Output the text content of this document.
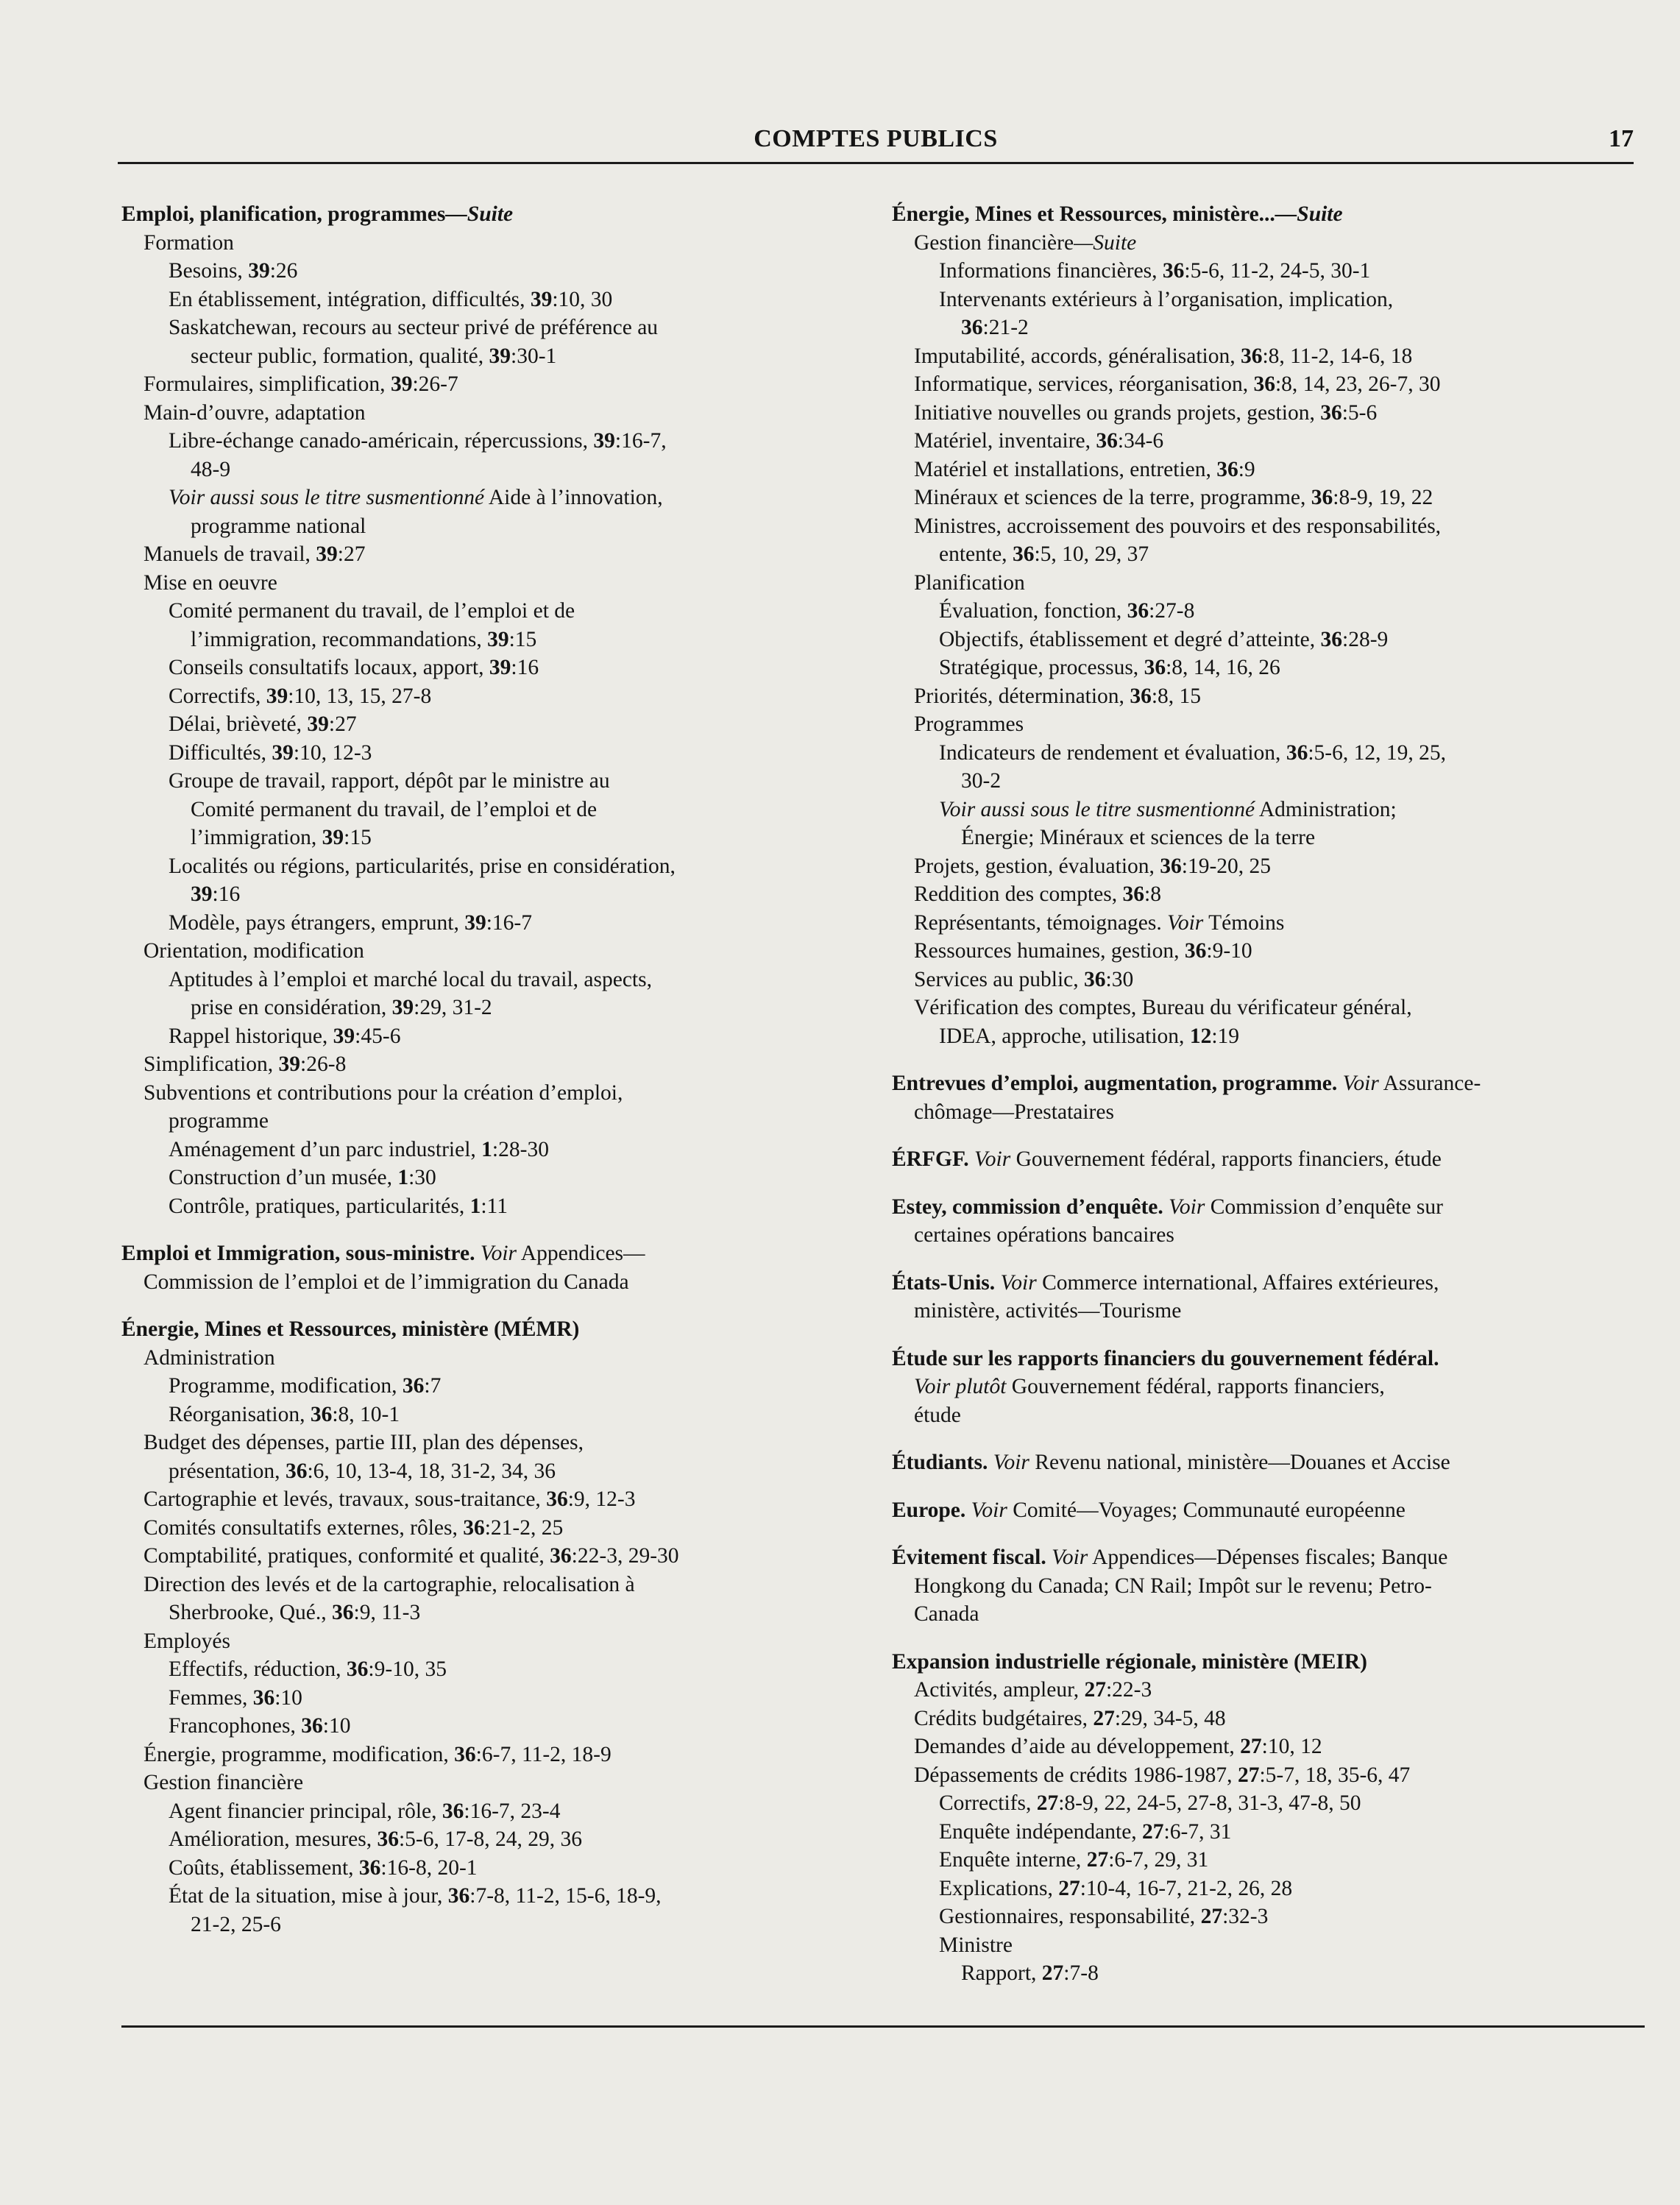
COMPTES PUBLICS	17
Emploi, planification, programmes—Suite
Formation
Besoins, 39:26
En établissement, intégration, difficultés, 39:10, 30
Saskatchewan, recours au secteur privé de préférence au
secteur public, formation, qualité, 39:30-1
Formulaires, simplification, 39:26-7
Main-d’ouvre, adaptation
Libre-échange canado-américain, répercussions, 39:16-7,
48-9
Voir aussi sous le titre susmentionné Aide à l’innovation,
programme national
Manuels de travail, 39:27
Mise en oeuvre
Comité permanent du travail, de l’emploi et de
l’immigration, recommandations, 39:15
Conseils consultatifs locaux, apport, 39:16
Correctifs, 39:10, 13, 15, 27-8
Délai, brièveté, 39:27
Difficultés, 39:10, 12-3
Groupe de travail, rapport, dépôt par le ministre au
Comité permanent du travail, de l’emploi et de
l’immigration, 39:15
Localités ou régions, particularités, prise en considération,
39:16
Modèle, pays étrangers, emprunt, 39:16-7
Orientation, modification
Aptitudes à l’emploi et marché local du travail, aspects,
prise en considération, 39:29, 31-2
Rappel historique, 39:45-6
Simplification, 39:26-8
Subventions et contributions pour la création d’emploi,
programme
Aménagement d’un parc industriel, 1:28-30
Construction d’un musée, 1:30
Contrôle, pratiques, particularités, 1:11
Emploi et Immigration, sous-ministre. Voir Appendices—
Commission de l’emploi et de l’immigration du Canada
Énergie, Mines et Ressources, ministère (MÉMR)
Administration
Programme, modification, 36:7
Réorganisation, 36:8, 10-1
Budget des dépenses, partie III, plan des dépenses,
présentation, 36:6, 10, 13-4, 18, 31-2, 34, 36
Cartographie et levés, travaux, sous-traitance, 36:9, 12-3
Comités consultatifs externes, rôles, 36:21-2, 25
Comptabilité, pratiques, conformité et qualité, 36:22-3, 29-30
Direction des levés et de la cartographie, relocalisation à
Sherbrooke, Qué., 36:9, 11-3
Employés
Effectifs, réduction, 36:9-10, 35
Femmes, 36:10
Francophones, 36:10
Énergie, programme, modification, 36:6-7, 11-2, 18-9
Gestion financière
Agent financier principal, rôle, 36:16-7, 23-4
Amélioration, mesures, 36:5-6, 17-8, 24, 29, 36
Coûts, établissement, 36:16-8, 20-1
État de la situation, mise à jour, 36:7-8, 11-2, 15-6, 18-9,
21-2, 25-6
Énergie, Mines et Ressources, ministère...—Suite
Gestion financière—Suite
Informations financières, 36:5-6, 11-2, 24-5, 30-1
Intervenants extérieurs à l’organisation, implication,
36:21-2
Imputabilité, accords, généralisation, 36:8, 11-2, 14-6, 18
Informatique, services, réorganisation, 36:8, 14, 23, 26-7, 30
Initiative nouvelles ou grands projets, gestion, 36:5-6
Matériel, inventaire, 36:34-6
Matériel et installations, entretien, 36:9
Minéraux et sciences de la terre, programme, 36:8-9, 19, 22
Ministres, accroissement des pouvoirs et des responsabilités,
entente, 36:5, 10, 29, 37
Planification
Évaluation, fonction, 36:27-8
Objectifs, établissement et degré d’atteinte, 36:28-9
Stratégique, processus, 36:8, 14, 16, 26
Priorités, détermination, 36:8, 15
Programmes
Indicateurs de rendement et évaluation, 36:5-6, 12, 19, 25,
30-2
Voir aussi sous le titre susmentionné Administration;
Énergie; Minéraux et sciences de la terre
Projets, gestion, évaluation, 36:19-20, 25
Reddition des comptes, 36:8
Représentants, témoignages. Voir Témoins
Ressources humaines, gestion, 36:9-10
Services au public, 36:30
Vérification des comptes, Bureau du vérificateur général,
IDEA, approche, utilisation, 12:19
Entrevues d’emploi, augmentation, programme. Voir Assurance-
chômage—Prestataires
ÉRFGF. Voir Gouvernement fédéral, rapports financiers, étude
Estey, commission d’enquête. Voir Commission d’enquête sur
certaines opérations bancaires
États-Unis. Voir Commerce international, Affaires extérieures,
ministère, activités—Tourisme
Étude sur les rapports financiers du gouvernement fédéral.
Voir plutôt Gouvernement fédéral, rapports financiers,
étude
Étudiants. Voir Revenu national, ministère—Douanes et Accise
Europe. Voir Comité—Voyages; Communauté européenne
Évitement fiscal. Voir Appendices—Dépenses fiscales; Banque
Hongkong du Canada; CN Rail; Impôt sur le revenu; Petro-
Canada
Expansion industrielle régionale, ministère (MEIR)
Activités, ampleur, 27:22-3
Crédits budgétaires, 27:29, 34-5, 48
Demandes d’aide au développement, 27:10, 12
Dépassements de crédits 1986-1987, 27:5-7, 18, 35-6, 47
Correctifs, 27:8-9, 22, 24-5, 27-8, 31-3, 47-8, 50
Enquête indépendante, 27:6-7, 31
Enquête interne, 27:6-7, 29, 31
Explications, 27:10-4, 16-7, 21-2, 26, 28
Gestionnaires, responsabilité, 27:32-3
Ministre
Rapport, 27:7-8
